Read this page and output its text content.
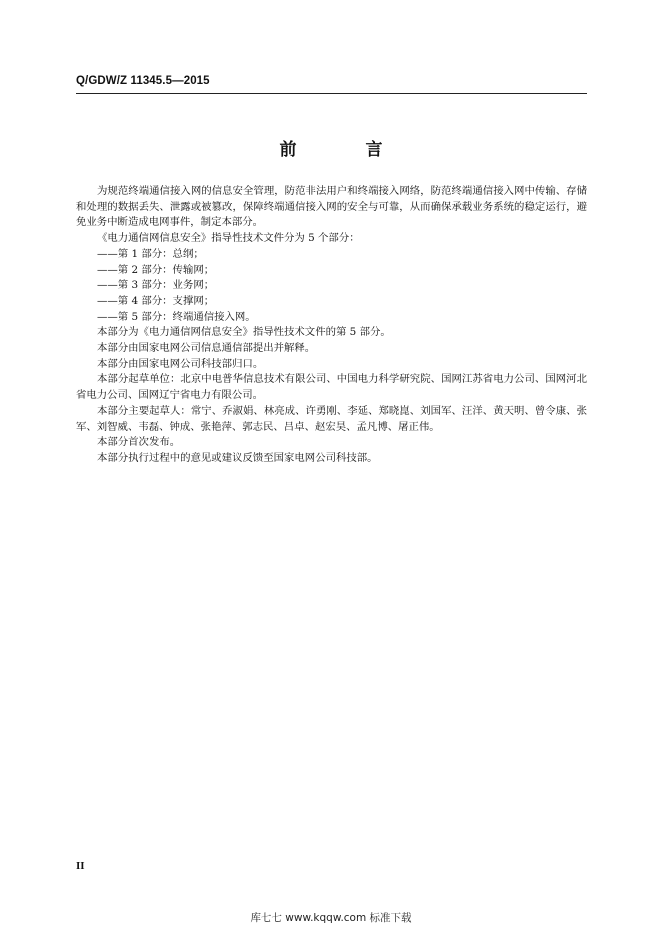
Q/GDW/Z 11345.5—2015
前　言

为规范终端通信接入网的信息安全管理，防范非法用户和终端接入网络，防范终端通信接入网中传输、存储和处理的数据丢失、泄露或被篡改，保障终端通信接入网的安全与可靠，从而确保承载业务系统的稳定运行，避免业务中断造成电网事件，制定本部分。

《电力通信网信息安全》指导性技术文件分为 5 个部分：

——第 1 部分：总纲；

——第 2 部分：传输网；

——第 3 部分：业务网；

——第 4 部分：支撑网；

——第 5 部分：终端通信接入网。

本部分为《电力通信网信息安全》指导性技术文件的第 5 部分。

本部分由国家电网公司信息通信部提出并解释。

本部分由国家电网公司科技部归口。

本部分起草单位：北京中电普华信息技术有限公司、中国电力科学研究院、国网江苏省电力公司、国网河北省电力公司、国网辽宁省电力有限公司。

本部分主要起草人：常宁、乔淑娟、林亮成、许勇刚、李延、郑晓崑、刘国军、汪洋、黄天明、曾令康、张军、刘智威、韦磊、钟成、张艳萍、郭志民、吕卓、赵宏昊、孟凡博、屠正伟。

本部分首次发布。

本部分执行过程中的意见或建议反馈至国家电网公司科技部。

II
库七七 www.kqqw.com 标准下载
